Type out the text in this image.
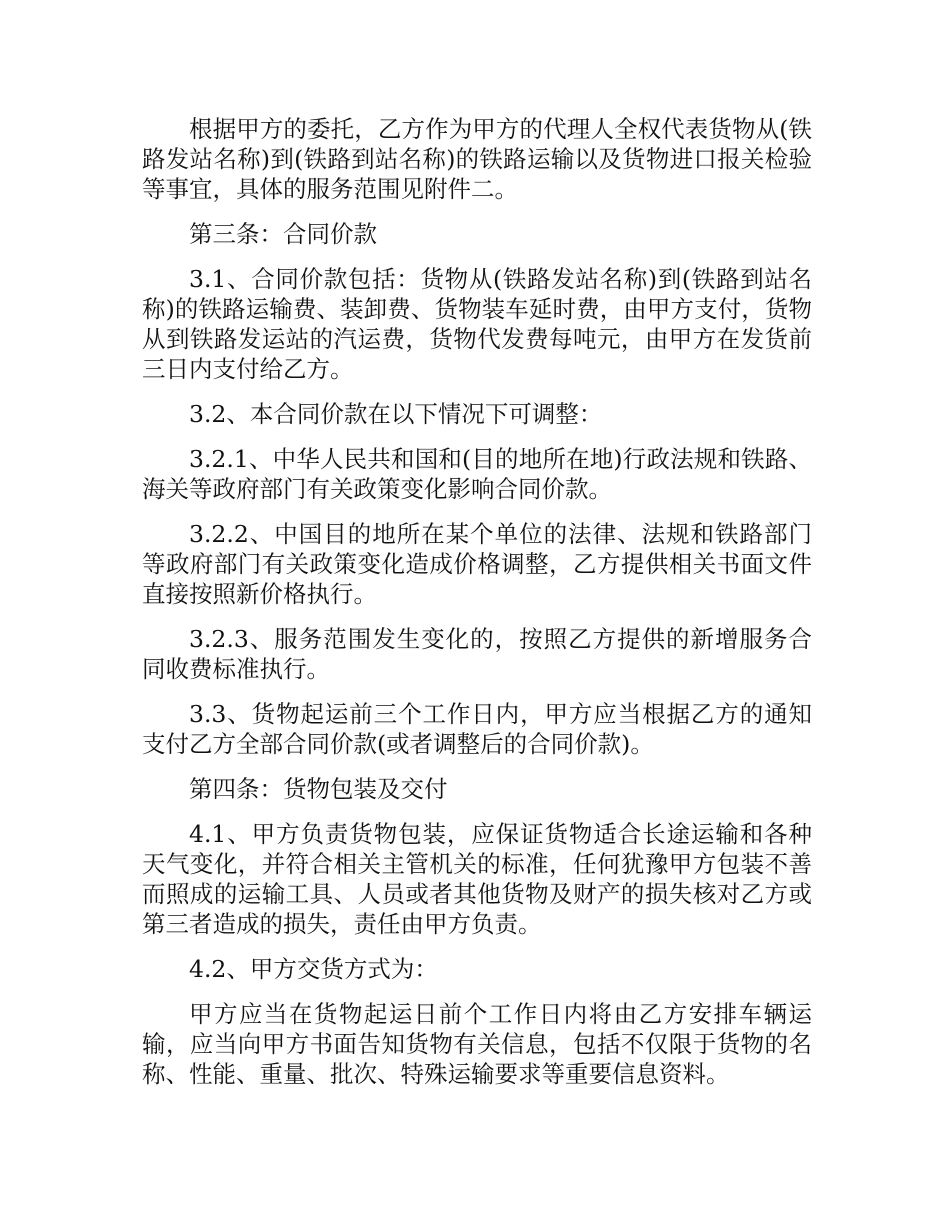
根据甲方的委托，乙方作为甲方的代理人全权代表货物从(铁路发站名称)到(铁路到站名称)的铁路运输以及货物进口报关检验等事宜，具体的服务范围见附件二。

第三条：合同价款

3.1、合同价款包括：货物从(铁路发站名称)到(铁路到站名称)的铁路运输费、装卸费、货物装车延时费，由甲方支付，货物从到铁路发运站的汽运费，货物代发费每吨元，由甲方在发货前三日内支付给乙方。

3.2、本合同价款在以下情况下可调整：

3.2.1、中华人民共和国和(目的地所在地)行政法规和铁路、海关等政府部门有关政策变化影响合同价款。

3.2.2、中国目的地所在某个单位的法律、法规和铁路部门等政府部门有关政策变化造成价格调整，乙方提供相关书面文件直接按照新价格执行。

3.2.3、服务范围发生变化的，按照乙方提供的新增服务合同收费标准执行。

3.3、货物起运前三个工作日内，甲方应当根据乙方的通知支付乙方全部合同价款(或者调整后的合同价款)。

第四条：货物包装及交付

4.1、甲方负责货物包装，应保证货物适合长途运输和各种天气变化，并符合相关主管机关的标准，任何犹豫甲方包装不善而照成的运输工具、人员或者其他货物及财产的损失核对乙方或第三者造成的损失，责任由甲方负责。

4.2、甲方交货方式为：

甲方应当在货物起运日前个工作日内将由乙方安排车辆运输，应当向甲方书面告知货物有关信息，包括不仅限于货物的名称、性能、重量、批次、特殊运输要求等重要信息资料。
